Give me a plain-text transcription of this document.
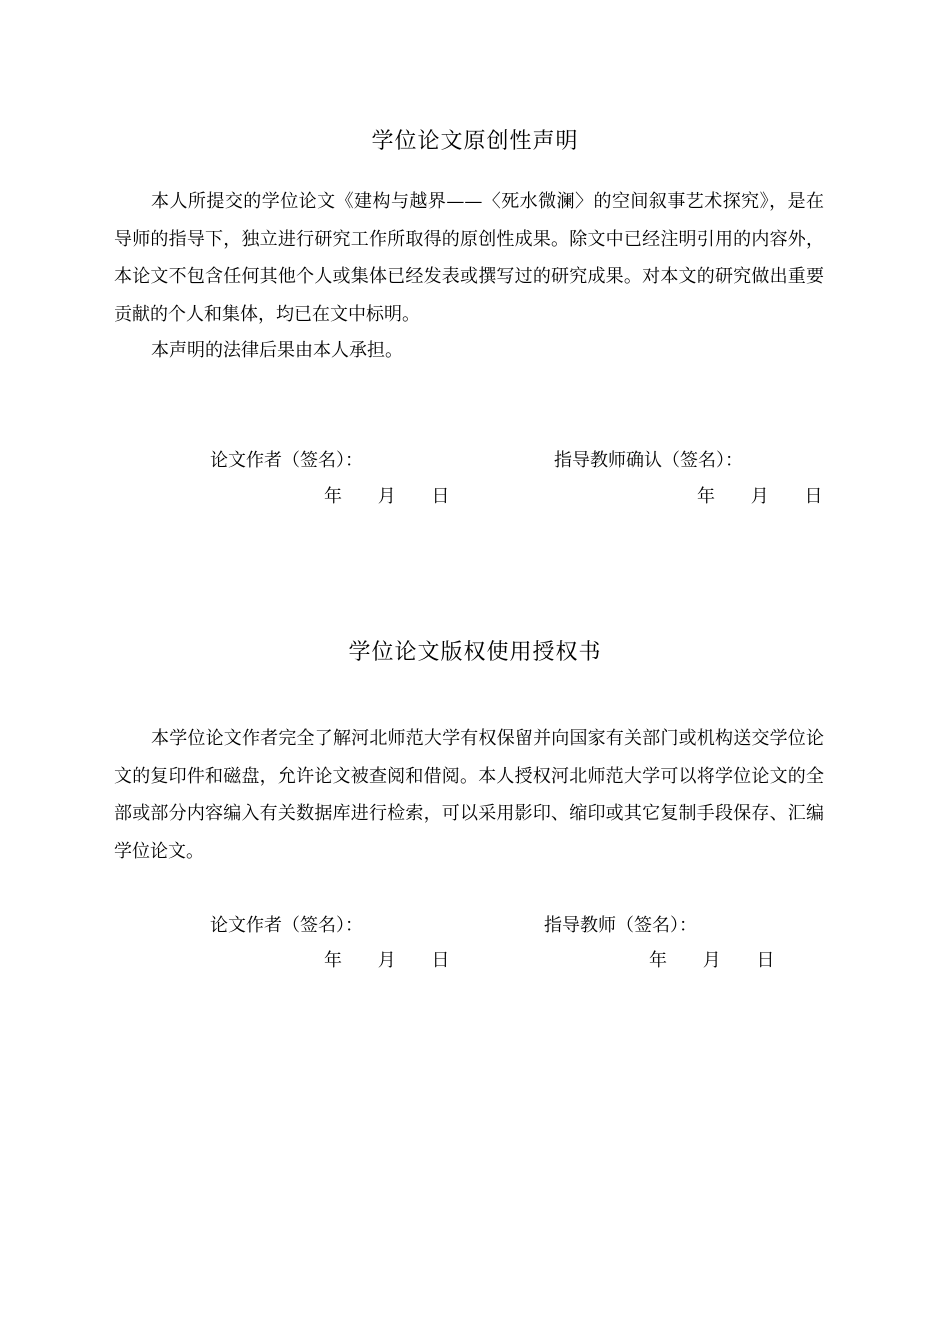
学位论文原创性声明

本人所提交的学位论文《建构与越界——〈死水微澜〉的空间叙事艺术探究》，是在导师的指导下，独立进行研究工作所取得的原创性成果。除文中已经注明引用的内容外，本论文不包含任何其他个人或集体已经发表或撰写过的研究成果。对本文的研究做出重要贡献的个人和集体，均已在文中标明。

本声明的法律后果由本人承担。

论文作者（签名）：	指导教师确认（签名）：
年 月 日	年 月 日
学位论文版权使用授权书

本学位论文作者完全了解河北师范大学有权保留并向国家有关部门或机构送交学位论文的复印件和磁盘，允许论文被查阅和借阅。本人授权河北师范大学可以将学位论文的全部或部分内容编入有关数据库进行检索，可以采用影印、缩印或其它复制手段保存、汇编学位论文。

论文作者（签名）：	指导教师（签名）：
年 月 日	年 月 日
